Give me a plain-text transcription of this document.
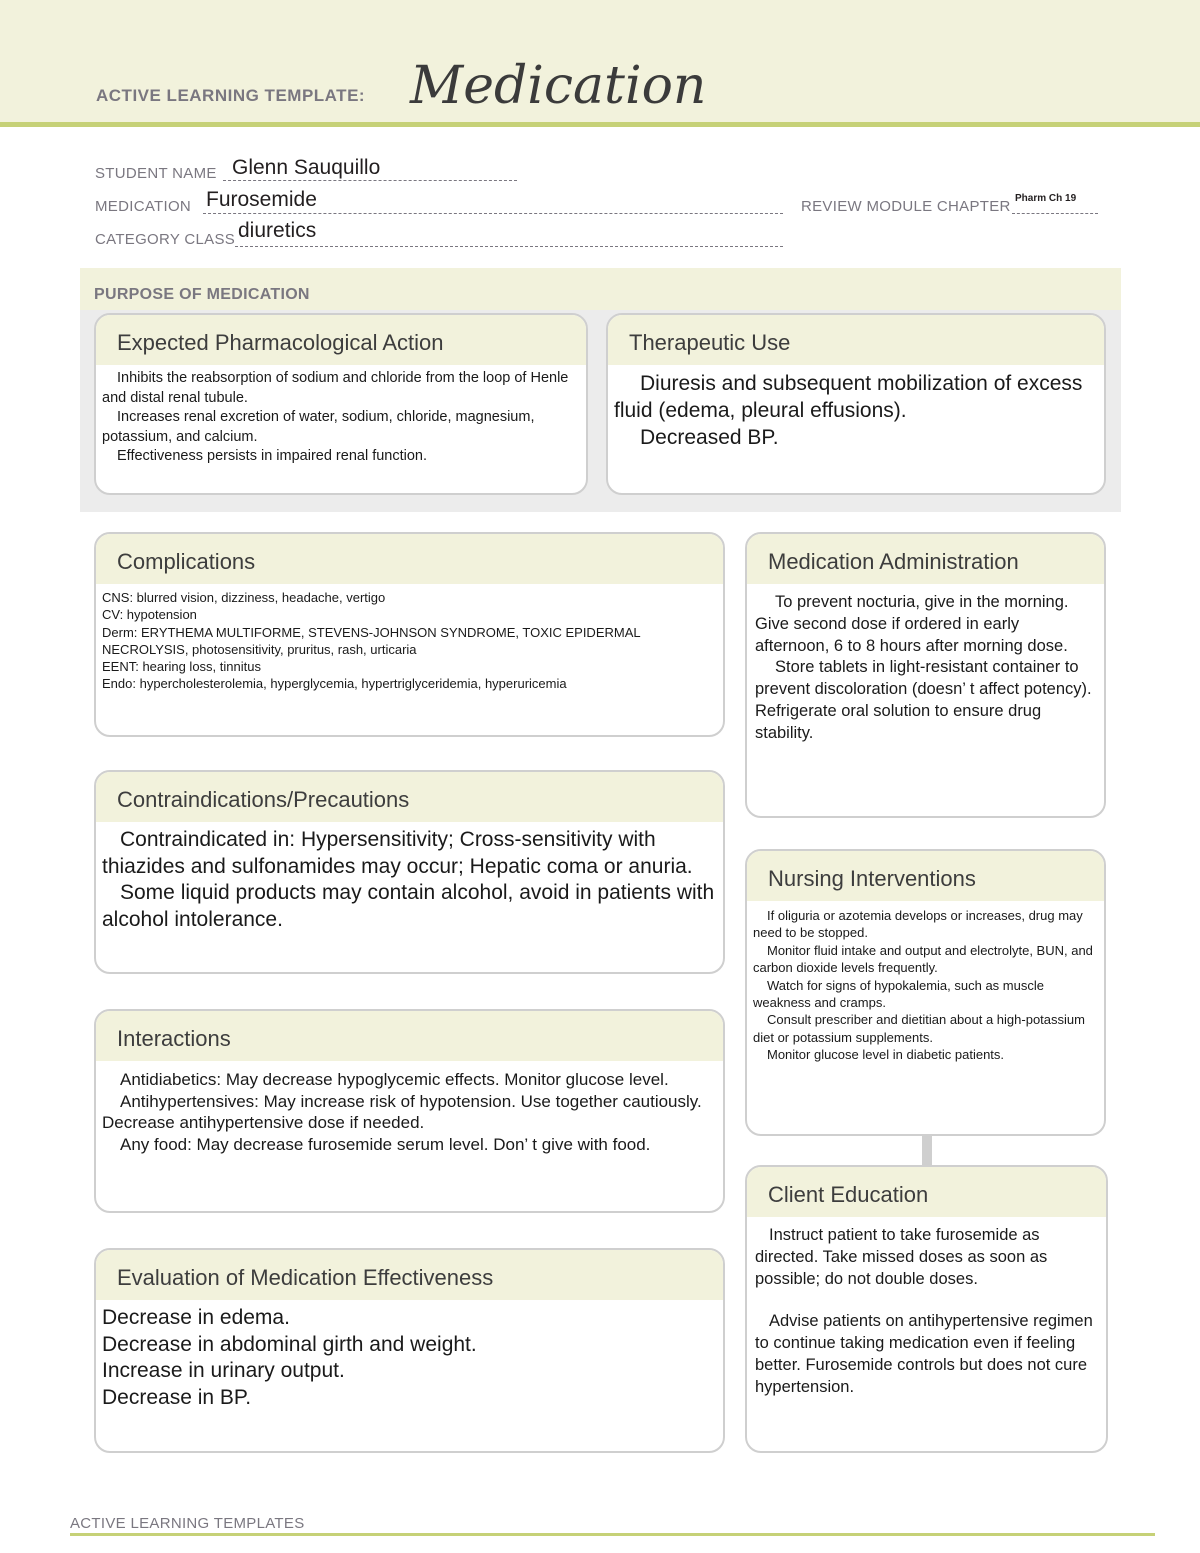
ACTIVE LEARNING TEMPLATE: Medication
STUDENT NAME Glenn Sauquillo
MEDICATION Furosemide	REVIEW MODULE CHAPTER Pharm Ch 19
CATEGORY CLASS diuretics
PURPOSE OF MEDICATION
Expected Pharmacological Action

Inhibits the reabsorption of sodium and chloride from the loop of Henle and distal renal tubule.

Increases renal excretion of water, sodium, chloride, magnesium, potassium, and calcium.

Effectiveness persists in impaired renal function.

Therapeutic Use

Diuresis and subsequent mobilization of excess fluid (edema, pleural effusions).

Decreased BP.

Complications

CNS: blurred vision, dizziness, headache, vertigo

CV: hypotension

Derm: ERYTHEMA MULTIFORME, STEVENS-JOHNSON SYNDROME, TOXIC EPIDERMAL NECROLYSIS, photosensitivity, pruritus, rash, urticaria

EENT: hearing loss, tinnitus

Endo: hypercholesterolemia, hyperglycemia, hypertriglyceridemia, hyperuricemia

Medication Administration

To prevent nocturia, give in the morning. Give second dose if ordered in early afternoon, 6 to 8 hours after morning dose.

Store tablets in light-resistant container to prevent discoloration (doesn’ t affect potency). Refrigerate oral solution to ensure drug stability.

Contraindications/Precautions

Contraindicated in: Hypersensitivity; Cross-sensitivity with thiazides and sulfonamides may occur; Hepatic coma or anuria.

Some liquid products may contain alcohol, avoid in patients with alcohol intolerance.

Nursing Interventions

If oliguria or azotemia develops or increases, drug may need to be stopped.

Monitor fluid intake and output and electrolyte, BUN, and carbon dioxide levels frequently.

Watch for signs of hypokalemia, such as muscle weakness and cramps.

Consult prescriber and dietitian about a high-potassium diet or potassium supplements.

Monitor glucose level in diabetic patients.

Interactions

Antidiabetics: May decrease hypoglycemic effects. Monitor glucose level.

Antihypertensives: May increase risk of hypotension. Use together cautiously. Decrease antihypertensive dose if needed.

Any food: May decrease furosemide serum level. Don’ t give with food.

Client Education

Instruct patient to take furosemide as directed. Take missed doses as soon as possible; do not double doses.

Advise patients on antihypertensive regimen to continue taking medication even if feeling better. Furosemide controls but does not cure hypertension.

Evaluation of Medication Effectiveness

Decrease in edema.

Decrease in abdominal girth and weight.

Increase in urinary output.

Decrease in BP.

ACTIVE LEARNING TEMPLATES
